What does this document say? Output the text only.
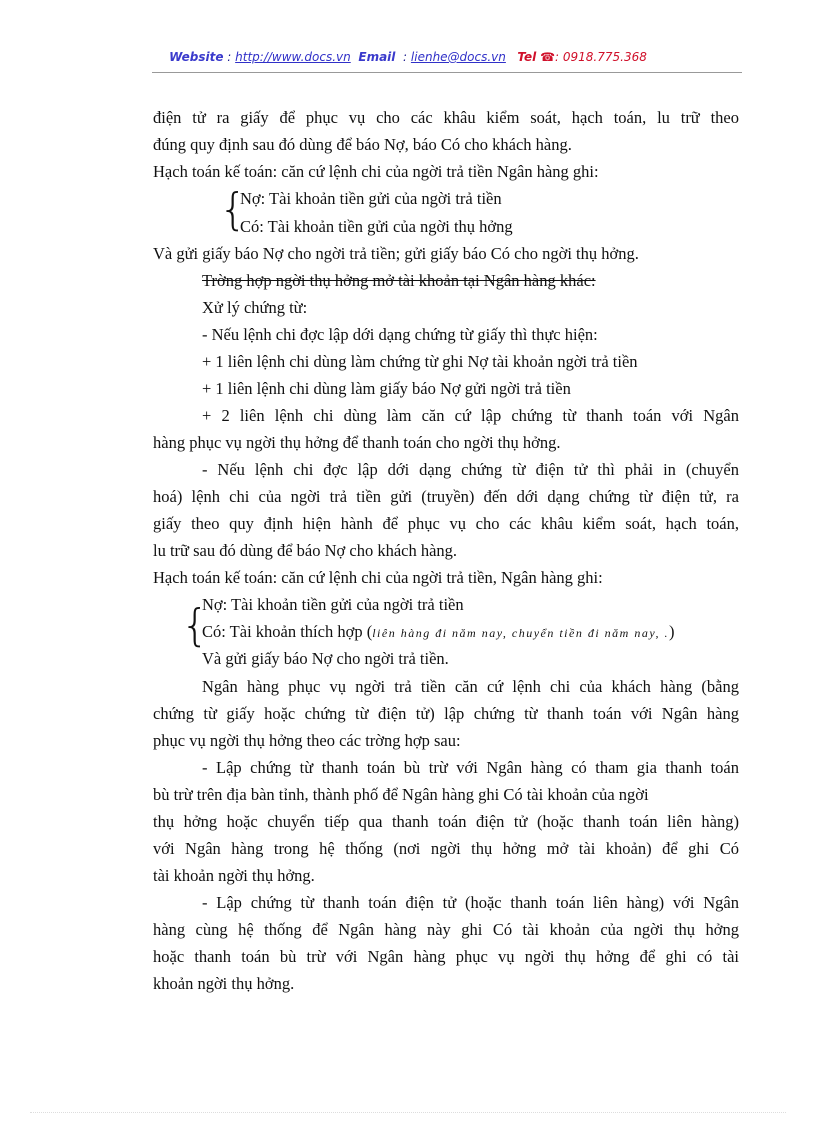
Website : http://www.docs.vn Email  : lienhe@docs.vn Tel ☎: 0918.775.368
điện tử ra giấy để phục vụ cho các khâu kiểm soát, hạch toán, lu trữ theo
đúng quy định sau đó dùng để báo Nợ, báo Có cho khách hàng.
Hạch toán kế toán: căn cứ lệnh chi của ngời trả tiền Ngân hàng ghi:
{
Nợ: Tài khoản tiền gửi của ngời trả tiền
Có: Tài khoản tiền gửi của ngời thụ hởng
Và gửi giấy báo Nợ cho ngời trả tiền; gửi giấy báo Có cho ngời thụ hởng.
Trờng hợp ngời thụ hởng mở tài khoản tại Ngân hàng khác:
Xử lý chứng từ:
- Nếu lệnh chi đợc lập dới dạng chứng từ giấy thì thực hiện:
+ 1 liên lệnh chi dùng làm chứng từ ghi Nợ tài khoản ngời trả tiền
+ 1 liên lệnh chi dùng làm giấy báo Nợ gửi ngời trả tiền
+ 2 liên lệnh chi dùng làm căn cứ lập chứng từ thanh toán với Ngân
hàng phục vụ ngời thụ hởng để thanh toán cho ngời thụ hởng.
- Nếu lệnh chi đợc lập dới dạng chứng từ điện tử thì phải in (chuyển
hoá) lệnh chi của ngời trả tiền gửi (truyền) đến dới dạng chứng từ điện tử, ra
giấy theo quy định hiện hành để phục vụ cho các khâu kiểm soát, hạch toán,
lu trữ sau đó dùng để báo Nợ cho khách hàng.
Hạch toán kế toán: căn cứ lệnh chi của ngời trả tiền, Ngân hàng ghi:
{
Nợ: Tài khoản tiền gửi của ngời trả tiền
Có: Tài khoản thích hợp (liên hàng đi năm nay, chuyển tiền đi năm nay, .)
Và gửi giấy báo Nợ cho ngời trả tiền.
Ngân hàng phục vụ ngời trả tiền căn cứ lệnh chi của khách hàng (bằng
chứng từ giấy hoặc chứng từ điện tử) lập chứng từ thanh toán với Ngân hàng
phục vụ ngời thụ hởng theo các trờng hợp sau:
- Lập chứng từ thanh toán bù trừ với Ngân hàng có tham gia thanh toán
bù trừ trên địa bàn tỉnh, thành phố để Ngân hàng ghi Có tài khoản của ngời
thụ hởng hoặc chuyển tiếp qua thanh toán điện tử (hoặc thanh toán liên hàng)
với Ngân hàng trong hệ thống (nơi ngời thụ hởng mở tài khoản) để ghi Có
tài khoản ngời thụ hởng.
- Lập chứng từ thanh toán điện tử (hoặc thanh toán liên hàng) với Ngân
hàng cùng hệ thống để Ngân hàng này ghi Có tài khoản của ngời thụ hởng
hoặc thanh toán bù trừ với Ngân hàng phục vụ ngời thụ hởng để ghi có tài
khoản ngời thụ hởng.
